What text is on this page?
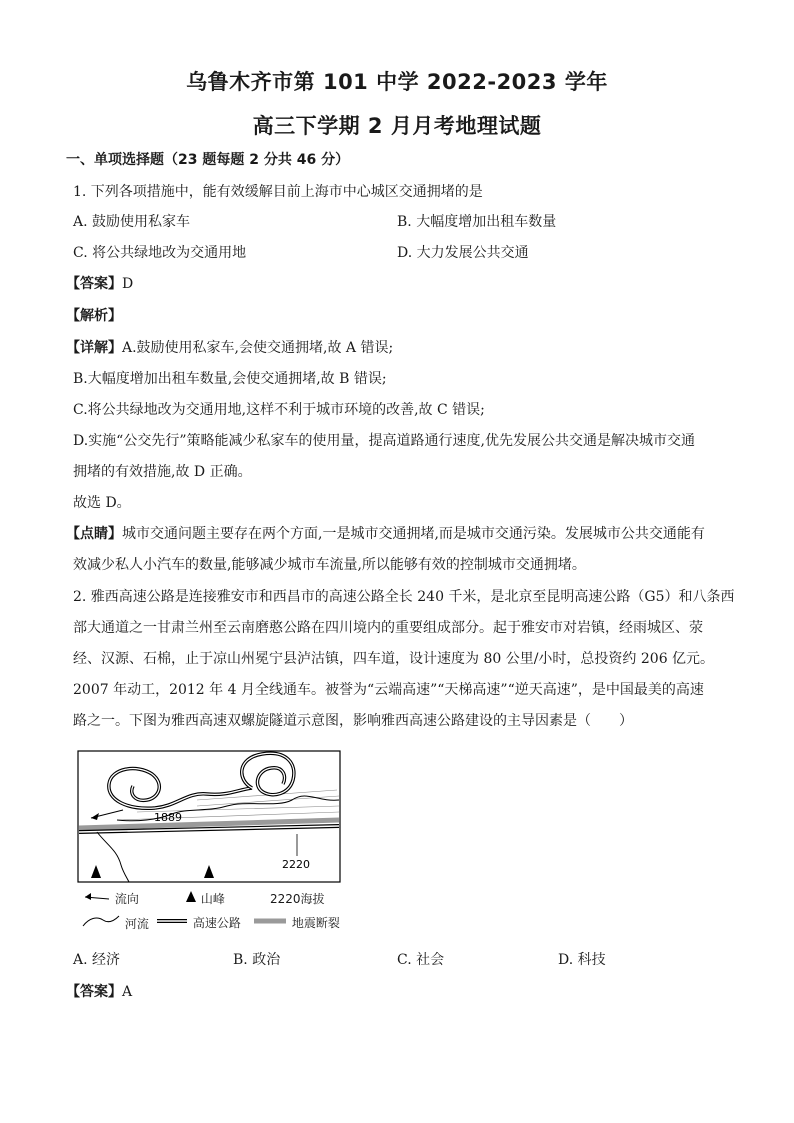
乌鲁木齐市第 101 中学 2022-2023 学年
高三下学期 2 月月考地理试题
一、单项选择题（23 题每题 2 分共 46 分）
1. 下列各项措施中，能有效缓解目前上海市中心城区交通拥堵的是
A. 鼓励使用私家车	B. 大幅度增加出租车数量
C. 将公共绿地改为交通用地	D. 大力发展公共交通
【答案】D
【解析】
【详解】A.鼓励使用私家车,会使交通拥堵,故 A 错误;
B.大幅度增加出租车数量,会使交通拥堵,故 B 错误;
C.将公共绿地改为交通用地,这样不利于城市环境的改善,故 C 错误;
D.实施“公交先行”策略能减少私家车的使用量，提高道路通行速度,优先发展公共交通是解决城市交通
拥堵的有效措施,故 D 正确。
故选 D。
【点睛】城市交通问题主要存在两个方面,一是城市交通拥堵,而是城市交通污染。发展城市公共交通能有
效减少私人小汽车的数量,能够减少城市车流量,所以能够有效的控制城市交通拥堵。
2. 雅西高速公路是连接雅安市和西昌市的高速公路全长 240 千米，是北京至昆明高速公路（G5）和八条西
部大通道之一甘肃兰州至云南磨憨公路在四川境内的重要组成部分。起于雅安市对岩镇，经雨城区、荥
经、汉源、石棉，止于凉山州冕宁县泸沽镇，四车道，设计速度为 80 公里/小时，总投资约 206 亿元。
2007 年动工，2012 年 4 月全线通车。被誉为“云端高速”“天梯高速”“逆天高速”，是中国最美的高速
路之一。下图为雅西高速双螺旋隧道示意图，影响雅西高速公路建设的主导因素是（　　）
1889
2220
流向	山峰	2220海拔
河流	高速公路	地震断裂
A. 经济	B. 政治	C. 社会	D. 科技
【答案】A
